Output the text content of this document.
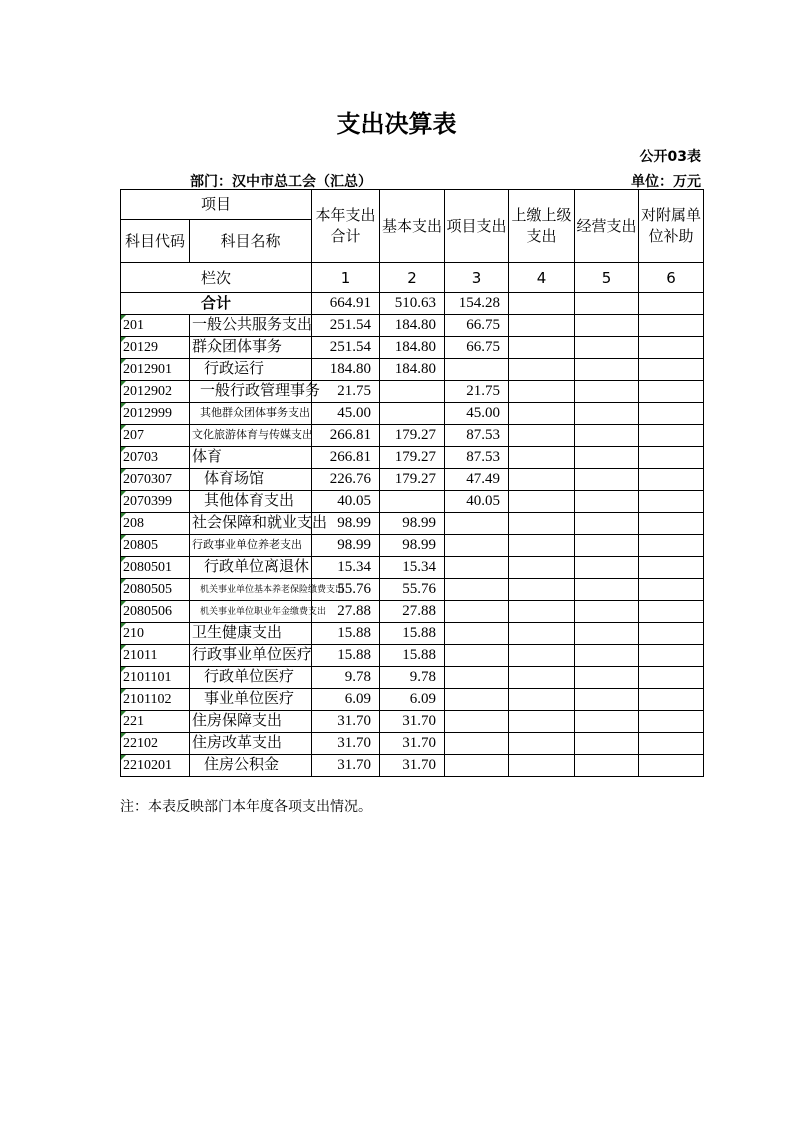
支出决算表
公开03表
部门：汉中市总工会（汇总）	单位：万元
项目		本年支出合计	基本支出	项目支出	上缴上级支出	经营支出	对附属单位补助
科目代码	科目名称						
栏次		1	2	3	4	5	6
合计		664.91	510.63	154.28			
201	一般公共服务支出	251.54	184.80	66.75			
20129	群众团体事务	251.54	184.80	66.75			
2012901	行政运行	184.80	184.80				
2012902	一般行政管理事务	21.75		21.75			
2012999	其他群众团体事务支出	45.00		45.00			
207	文化旅游体育与传媒支出	266.81	179.27	87.53			
20703	体育	266.81	179.27	87.53			
2070307	体育场馆	226.76	179.27	47.49			
2070399	其他体育支出	40.05		40.05			
208	社会保障和就业支出	98.99	98.99				
20805	行政事业单位养老支出	98.99	98.99				
2080501	行政单位离退休	15.34	15.34				
2080505	机关事业单位基本养老保险缴费支出	55.76	55.76				
2080506	机关事业单位职业年金缴费支出	27.88	27.88				
210	卫生健康支出	15.88	15.88				
21011	行政事业单位医疗	15.88	15.88				
2101101	行政单位医疗	9.78	9.78				
2101102	事业单位医疗	6.09	6.09				
221	住房保障支出	31.70	31.70				
22102	住房改革支出	31.70	31.70				
2210201	住房公积金	31.70	31.70				
注：本表反映部门本年度各项支出情况。
